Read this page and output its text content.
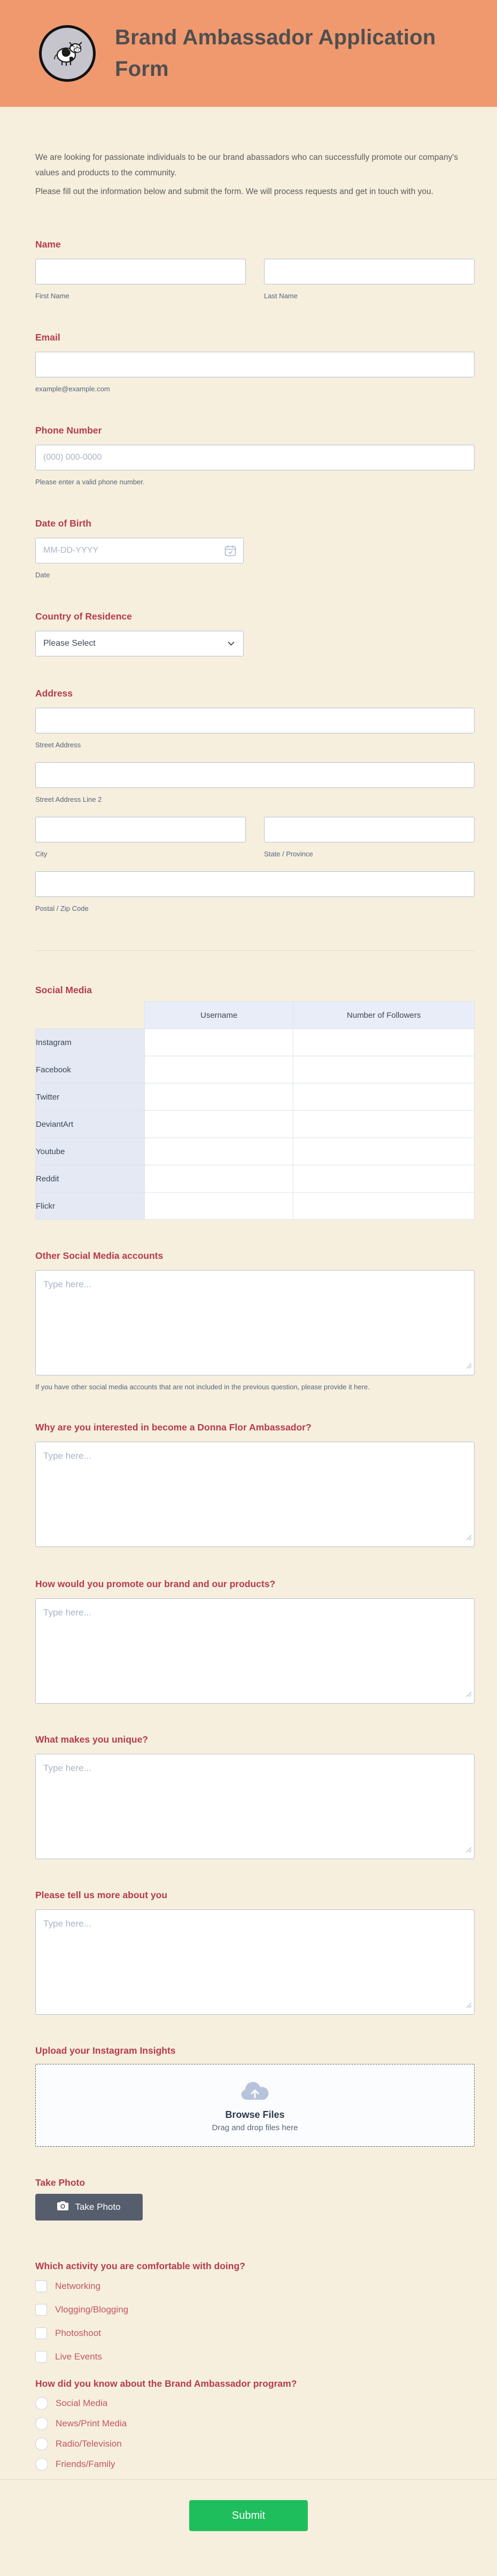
Brand Ambassador Application Form

We are looking for passionate individuals to be our brand abassadors who can successfully promote our company's values and products to the community.

Please fill out the information below and submit the form. We will process requests and get in touch with you.

Name
First Name	Last Name
Email
example@example.com
Phone Number
(000) 000-0000
Please enter a valid phone number.
Date of Birth
MM-DD-YYYY
Date
Country of Residence
Please Select
Address
Street Address
Street Address Line 2
City	State / Province
Postal / Zip Code
Social Media
	Username	Number of Followers
Instagram		
Facebook		
Twitter		
DeviantArt		
Youtube		
Reddit		
Flickr		
Other Social Media accounts
Type here...
If you have other social media accounts that are not included in the previous question, please provide it here.
Why are you interested in become a Donna Flor Ambassador?
Type here...
How would you promote our brand and our products?
Type here...
What makes you unique?
Type here...
Please tell us more about you
Type here...
Upload your Instagram Insights
Browse Files
Drag and drop files here
Take Photo
Take Photo
Which activity you are comfortable with doing?
Networking
Vlogging/Blogging
Photoshoot
Live Events
How did you know about the Brand Ambassador program?
Social Media
News/Print Media
Radio/Television
Friends/Family
Submit
